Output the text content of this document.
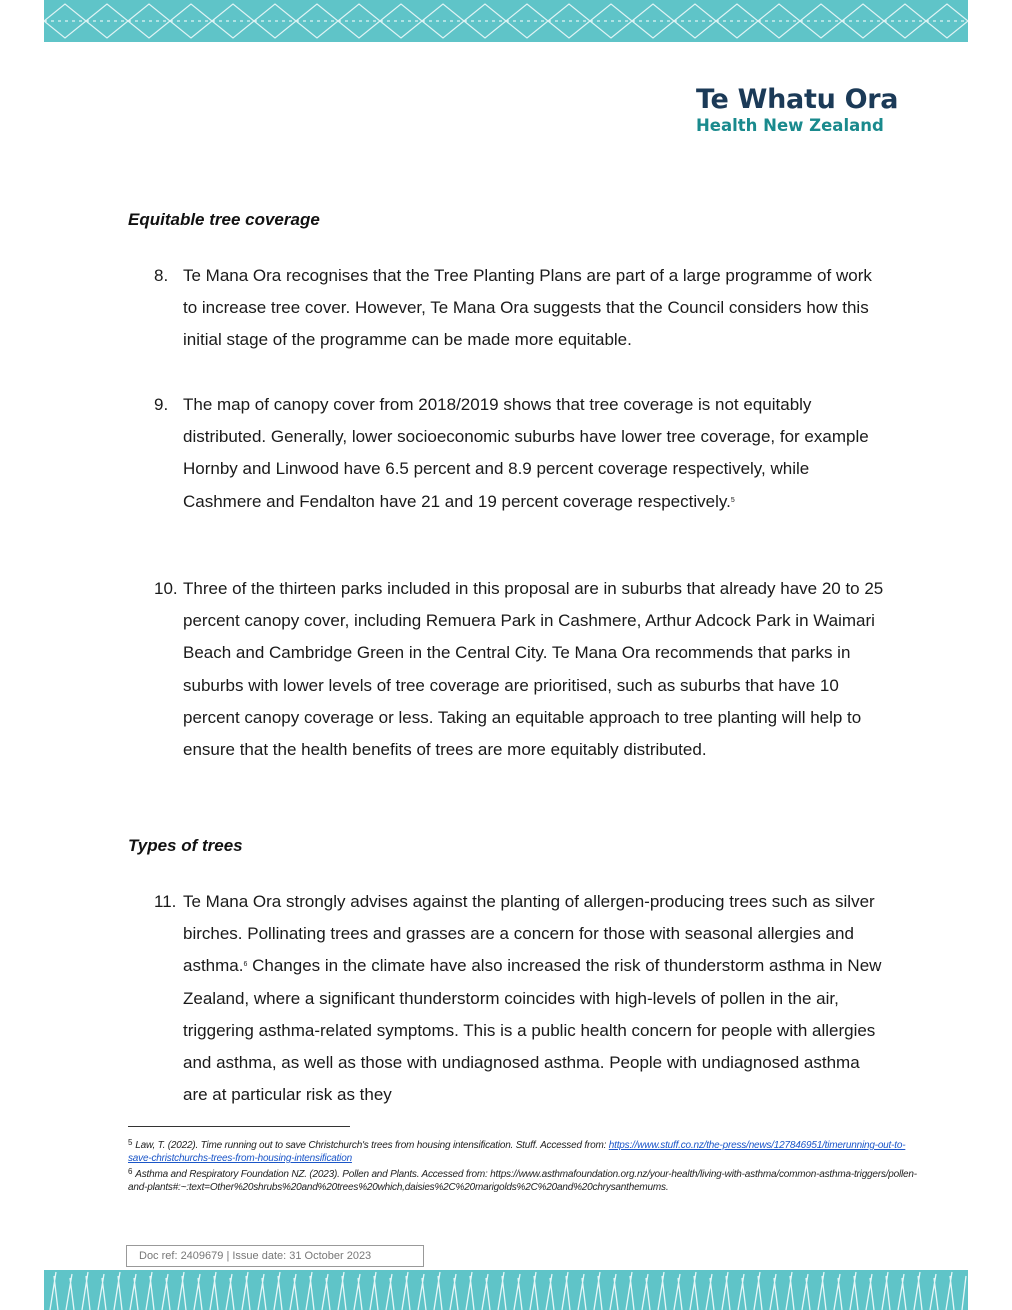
Te Whatu Ora
Health New Zealand
Equitable tree coverage
8. Te Mana Ora recognises that the Tree Planting Plans are part of a large programme of work to increase tree cover. However, Te Mana Ora suggests that the Council considers how this initial stage of the programme can be made more equitable.
9. The map of canopy cover from 2018/2019 shows that tree coverage is not equitably distributed. Generally, lower socioeconomic suburbs have lower tree coverage, for example Hornby and Linwood have 6.5 percent and 8.9 percent coverage respectively, while Cashmere and Fendalton have 21 and 19 percent coverage respectively.$^5$
10. Three of the thirteen parks included in this proposal are in suburbs that already have 20 to 25 percent canopy cover, including Remuera Park in Cashmere, Arthur Adcock Park in Waimari Beach and Cambridge Green in the Central City. Te Mana Ora recommends that parks in suburbs with lower levels of tree coverage are prioritised, such as suburbs that have 10 percent canopy coverage or less. Taking an equitable approach to tree planting will help to ensure that the health benefits of trees are more equitably distributed.
Types of trees
11. Te Mana Ora strongly advises against the planting of allergen-producing trees such as silver birches. Pollinating trees and grasses are a concern for those with seasonal allergies and asthma.$^6$ Changes in the climate have also increased the risk of thunderstorm asthma in New Zealand, where a significant thunderstorm coincides with high-levels of pollen in the air, triggering asthma-related symptoms. This is a public health concern for people with allergies and asthma, as well as those with undiagnosed asthma. People with undiagnosed asthma are at particular risk as they
$^5$ Law, T. (2022). Time running out to save Christchurch's trees from housing intensification. Stuff. Accessed from: https://www.stuff.co.nz/the-press/news/127846951/timerunning-out-to-save-christchurchs-trees-from-housing-intensification
$^6$ Asthma and Respiratory Foundation NZ. (2023). Pollen and Plants. Accessed from: https://www.asthmafoundation.org.nz/your-health/living-with-asthma/common-asthma-triggers/pollen-and-plants#:~:text=Other%20shrubs%20and%20trees%20which,daisies%2C%20marigolds%2C%20and%20chrysanthemums.
Doc ref: 2409679 | Issue date: 31 October 2023
